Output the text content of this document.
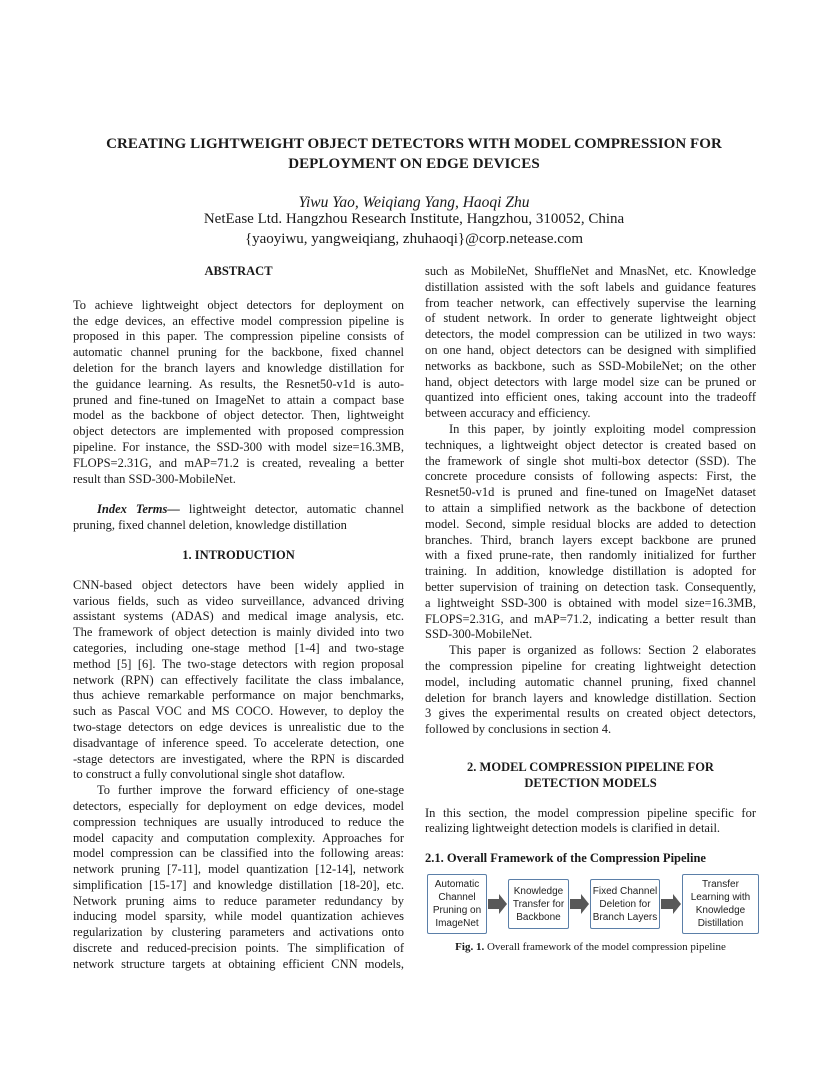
CREATING LIGHTWEIGHT OBJECT DETECTORS WITH MODEL COMPRESSION FOR
DEPLOYMENT ON EDGE DEVICES
Yiwu Yao, Weiqiang Yang, Haoqi Zhu
NetEase Ltd. Hangzhou Research Institute, Hangzhou, 310052, China
{yaoyiwu, yangweiqiang, zhuhaoqi}@corp.netease.com
ABSTRACT
To achieve lightweight object detectors for deployment on
the edge devices, an effective model compression pipeline is
proposed in this paper. The compression pipeline consists of
automatic channel pruning for the backbone, fixed channel
deletion for the branch layers and knowledge distillation for
the guidance learning. As results, the Resnet50-v1d is auto-
pruned and fine-tuned on ImageNet to attain a compact base
model as the backbone of object detector. Then, lightweight
object detectors are implemented with proposed compression
pipeline. For instance, the SSD-300 with model size=16.3MB,
FLOPS=2.31G, and mAP=71.2 is created, revealing a better
result than SSD-300-MobileNet.
Index Terms— lightweight detector, automatic channel
pruning, fixed channel deletion, knowledge distillation
1. INTRODUCTION
CNN-based object detectors have been widely applied in
various fields, such as video surveillance, advanced driving
assistant systems (ADAS) and medical image analysis, etc.
The framework of object detection is mainly divided into two
categories, including one-stage method [1-4] and two-stage
method [5] [6]. The two-stage detectors with region proposal
network (RPN) can effectively facilitate the class imbalance,
thus achieve remarkable performance on major benchmarks,
such as Pascal VOC and MS COCO. However, to deploy the
two-stage detectors on edge devices is unrealistic due to the
disadvantage of inference speed. To accelerate detection, one
-stage detectors are investigated, where the RPN is discarded
to construct a fully convolutional single shot dataflow.
To further improve the forward efficiency of one-stage
detectors, especially for deployment on edge devices, model
compression techniques are usually introduced to reduce the
model capacity and computation complexity. Approaches for
model compression can be classified into the following areas:
network pruning [7-11], model quantization [12-14], network
simplification [15-17] and knowledge distillation [18-20], etc.
Network pruning aims to reduce parameter redundancy by
inducing model sparsity, while model quantization achieves
regularization by clustering parameters and activations onto
discrete and reduced-precision points. The simplification of
network structure targets at obtaining efficient CNN models,
such as MobileNet, ShuffleNet and MnasNet, etc. Knowledge
distillation assisted with the soft labels and guidance features
from teacher network, can effectively supervise the learning
of student network. In order to generate lightweight object
detectors, the model compression can be utilized in two ways:
on one hand, object detectors can be designed with simplified
networks as backbone, such as SSD-MobileNet; on the other
hand, object detectors with large model size can be pruned or
quantized into efficient ones, taking account into the tradeoff
between accuracy and efficiency.
In this paper, by jointly exploiting model compression
techniques, a lightweight object detector is created based on
the framework of single shot multi-box detector (SSD). The
concrete procedure consists of following aspects: First, the
Resnet50-v1d is pruned and fine-tuned on ImageNet dataset
to attain a simplified network as the backbone of detection
model. Second, simple residual blocks are added to detection
branches. Third, branch layers except backbone are pruned
with a fixed prune-rate, then randomly initialized for further
training. In addition, knowledge distillation is adopted for
better supervision of training on detection task. Consequently,
a lightweight SSD-300 is obtained with model size=16.3MB,
FLOPS=2.31G, and mAP=71.2, indicating a better result than
SSD-300-MobileNet.
This paper is organized as follows: Section 2 elaborates
the compression pipeline for creating lightweight detection
model, including automatic channel pruning, fixed channel
deletion for branch layers and knowledge distillation. Section
3 gives the experimental results on created object detectors,
followed by conclusions in section 4.
2. MODEL COMPRESSION PIPELINE FOR
DETECTION MODELS
In this section, the model compression pipeline specific for
realizing lightweight detection models is clarified in detail.
2.1. Overall Framework of the Compression Pipeline
Automatic
Channel
Pruning on
ImageNet
Knowledge
Transfer for
Backbone
Fixed Channel
Deletion for
Branch Layers
Transfer
Learning with
Knowledge
Distillation
Fig. 1. Overall framework of the model compression pipeline
